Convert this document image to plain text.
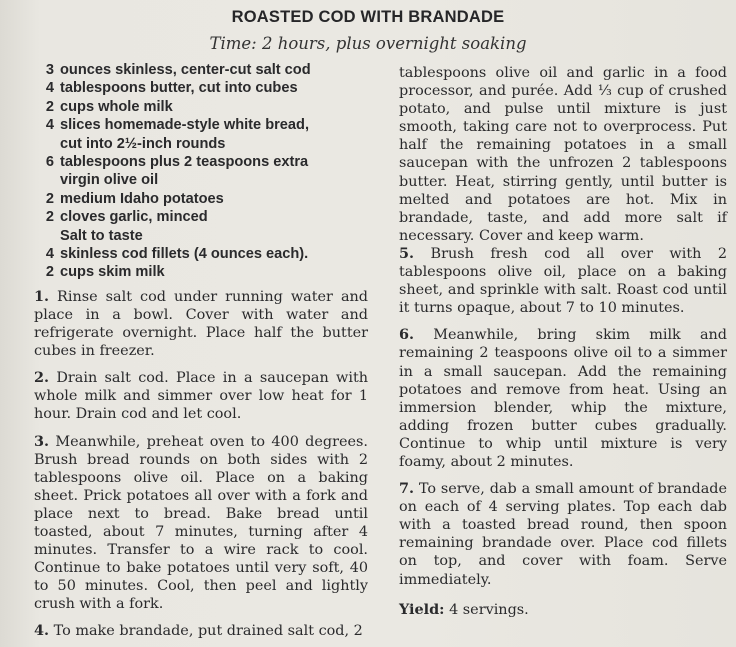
ROASTED COD WITH BRANDADE
Time: 2 hours, plus overnight soaking
3 ounces skinless, center-cut salt cod
4 tablespoons butter, cut into cubes
2 cups whole milk
4 slices homemade-style white bread,
cut into 2½-inch rounds
6 tablespoons plus 2 teaspoons extra
virgin olive oil
2 medium Idaho potatoes
2 cloves garlic, minced
Salt to taste
4 skinless cod fillets (4 ounces each).
2 cups skim milk
1. Rinse salt cod under running water and place in a bowl. Cover with water and refrigerate overnight. Place half the butter cubes in freezer.
2. Drain salt cod. Place in a saucepan with whole milk and simmer over low heat for 1 hour. Drain cod and let cool.
3. Meanwhile, preheat oven to 400 degrees. Brush bread rounds on both sides with 2 tablespoons olive oil. Place on a baking sheet. Prick potatoes all over with a fork and place next to bread. Bake bread until toasted, about 7 minutes, turning after 4 minutes. Transfer to a wire rack to cool. Continue to bake potatoes until very soft, 40 to 50 minutes. Cool, then peel and lightly crush with a fork.
4. To make brandade, put drained salt cod, 2
tablespoons olive oil and garlic in a food processor, and purée. Add ⅓ cup of crushed potato, and pulse until mixture is just smooth, taking care not to overprocess. Put half the remaining potatoes in a small saucepan with the unfrozen 2 tablespoons butter. Heat, stirring gently, until butter is melted and potatoes are hot. Mix in brandade, taste, and add more salt if necessary. Cover and keep warm.
5. Brush fresh cod all over with 2 tablespoons olive oil, place on a baking sheet, and sprinkle with salt. Roast cod until it turns opaque, about 7 to 10 minutes.
6. Meanwhile, bring skim milk and remaining 2 teaspoons olive oil to a simmer in a small saucepan. Add the remaining potatoes and remove from heat. Using an immersion blender, whip the mixture, adding frozen butter cubes gradually. Continue to whip until mixture is very foamy, about 2 minutes.
7. To serve, dab a small amount of brandade on each of 4 serving plates. Top each dab with a toasted bread round, then spoon remaining brandade over. Place cod fillets on top, and cover with foam. Serve immediately.
Yield: 4 servings.
